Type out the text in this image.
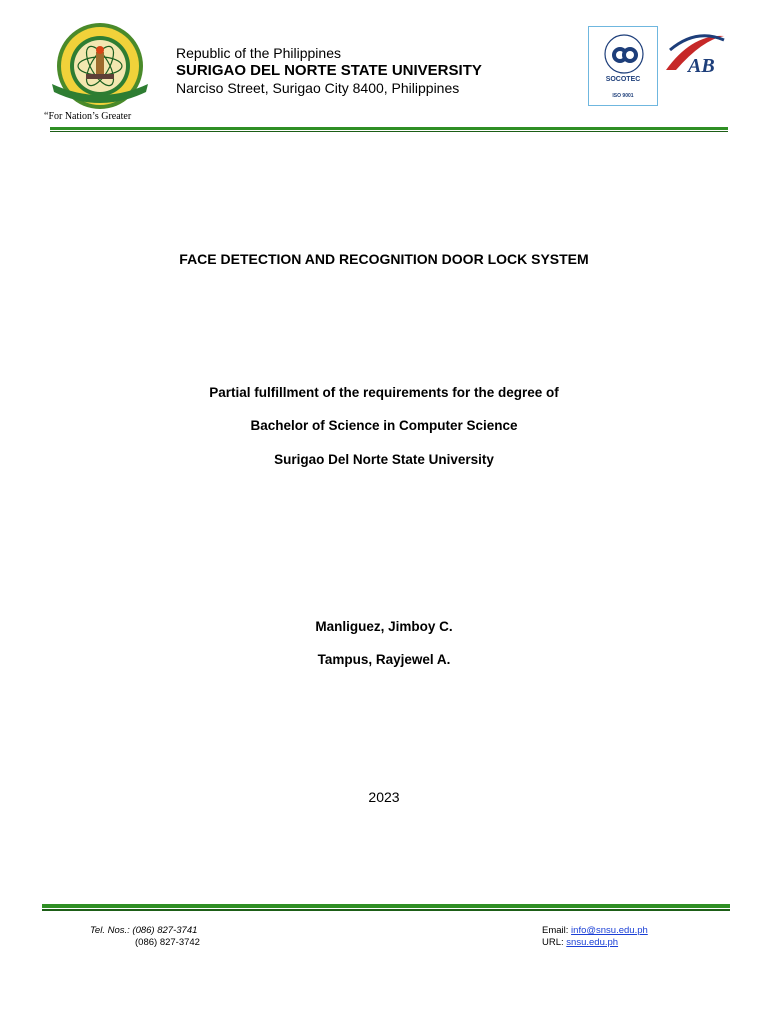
“For Nation’s Greater
Republic of the Philippines
SURIGAO DEL NORTE STATE UNIVERSITY
Narciso Street, Surigao City 8400, Philippines
SOCOTEC
ISO 9001
AB
FACE DETECTION AND RECOGNITION DOOR LOCK SYSTEM
Partial fulfillment of the requirements for the degree of
Bachelor of Science in Computer Science
Surigao Del Norte State University
Manliguez, Jimboy C.
Tampus, Rayjewel A.
2023
Tel. Nos.: (086) 827-3741
(086) 827-3742
Email: info@snsu.edu.ph
URL: snsu.edu.ph
